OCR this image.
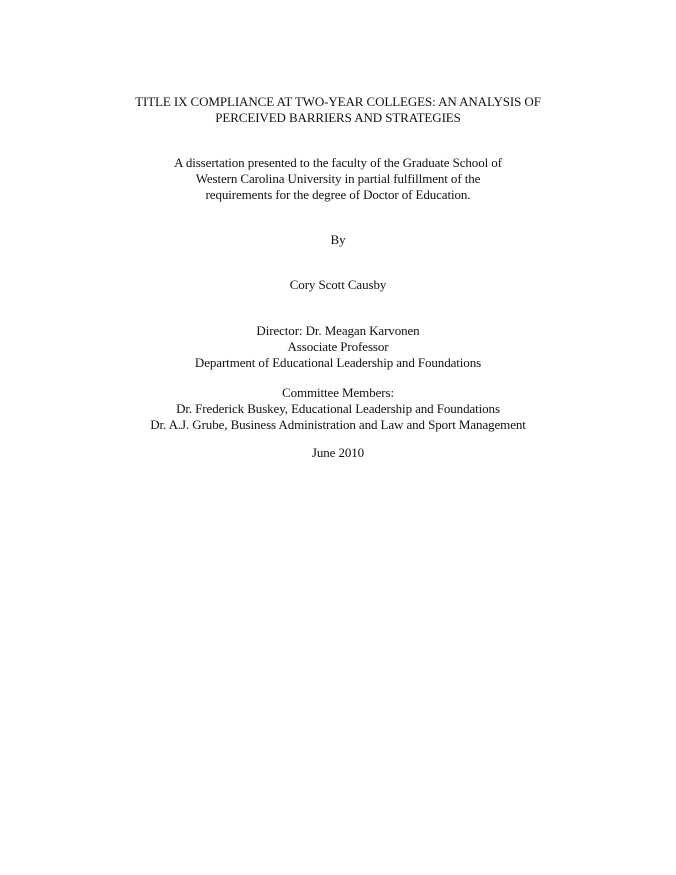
TITLE IX COMPLIANCE AT TWO-YEAR COLLEGES: AN ANALYSIS OF
PERCEIVED BARRIERS AND STRATEGIES
A dissertation presented to the faculty of the Graduate School of
Western Carolina University in partial fulfillment of the
requirements for the degree of Doctor of Education.
By
Cory Scott Causby
Director: Dr. Meagan Karvonen
Associate Professor
Department of Educational Leadership and Foundations
Committee Members:
Dr. Frederick Buskey, Educational Leadership and Foundations
Dr. A.J. Grube, Business Administration and Law and Sport Management
June 2010
